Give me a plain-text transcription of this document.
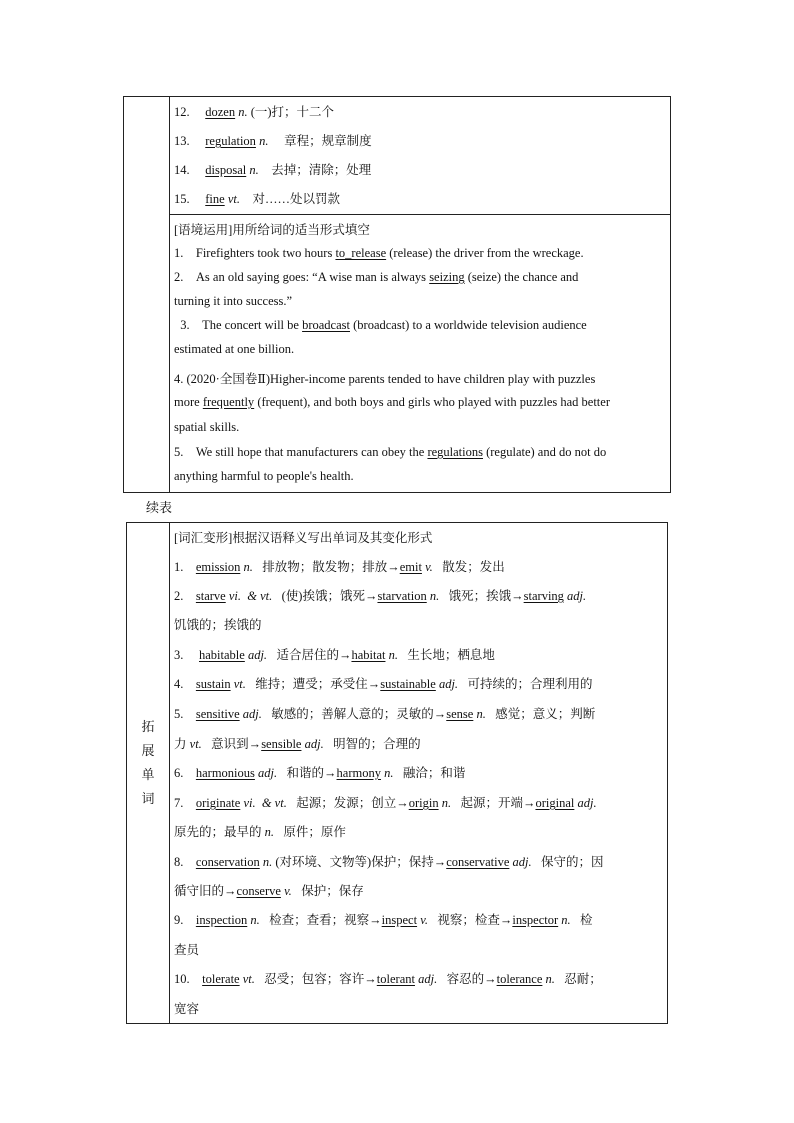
12. dozen n. (一)打；十二个
13. regulation n. 章程；规章制度
14. disposal n. 去掉；清除；处理
15. fine vt. 对……处以罚款
[语境运用]用所给词的适当形式填空
1.    Firefighters took two hours to_release (release) the driver from the wreckage.
2.    As an old saying goes: “A wise man is always seizing (seize) the chance and
turning it into success.”
3.    The concert will be broadcast (broadcast) to a worldwide television audience
estimated at one billion.
4. (2020·全国卷Ⅱ)Higher-income parents tended to have children play with puzzles
more frequently (frequent), and both boys and girls who played with puzzles had better
spatial skills.
5.    We still hope that manufacturers can obey the regulations (regulate) and do not do
anything harmful to people's health.
续表
拓
展
单
词
[词汇变形]根据汉语释义写出单词及其变化形式
1.    emission n.   排放物；散发物；排放→emit v.   散发；发出
2.    starve vi.  & vt.   (使)挨饿；饿死→starvation n.   饿死；挨饿→starving adj.
饥饿的；挨饿的
3.     habitable adj.   适合居住的→habitat n.   生长地；栖息地
4.    sustain vt.   维持；遭受；承受住→sustainable adj.   可持续的；合理利用的
5.    sensitive adj.   敏感的；善解人意的；灵敏的→sense n.   感觉；意义；判断
力 vt.   意识到→sensible adj.   明智的；合理的
6.    harmonious adj.   和谐的→harmony n.   融洽；和谐
7.    originate vi.  & vt.   起源；发源；创立→origin n.   起源；开端→original adj.
原先的；最早的 n.   原件；原作
8.    conservation n. (对环境、文物等)保护；保持→conservative adj.   保守的；因
循守旧的→conserve v.   保护；保存
9.    inspection n.   检查；查看；视察→inspect v.   视察；检查→inspector n.   检
查员
10.    tolerate vt.   忍受；包容；容许→tolerant adj.   容忍的→tolerance n.   忍耐；
宽容
